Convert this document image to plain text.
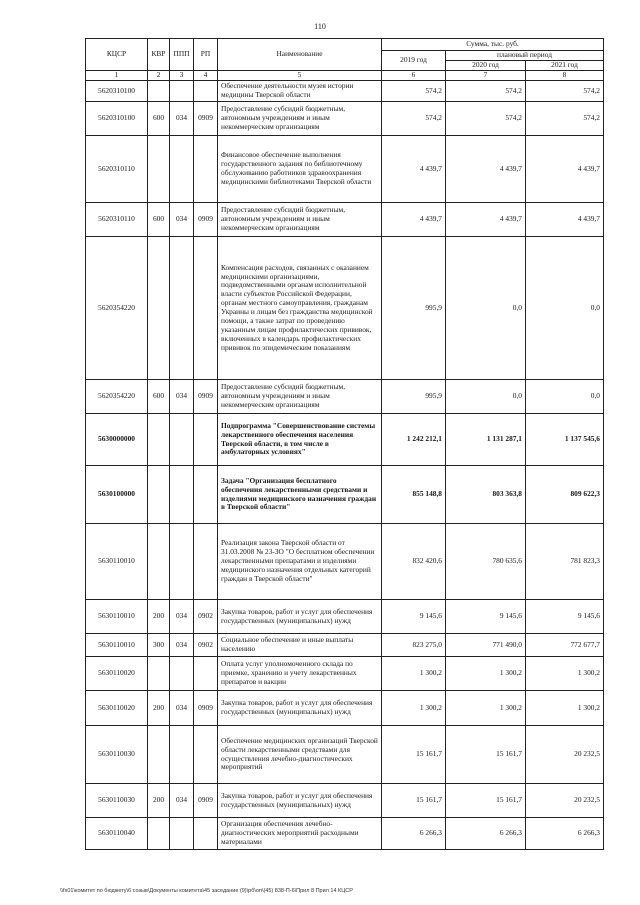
110
КЦСР	КВР	ППП	РП	Наименование	Сумма, тыс. руб.		
					2019 год	плановый период	
						2020 год	2021 год
1	2	3	4	5	6	7	8
5620310100				Обеспечение деятельности музея истории медицины Тверской области	574,2	574,2	574,2
5620310100	600	034	0909	Предоставление субсидий бюджетным, автономным учреждениям и иным некоммерческим организациям	574,2	574,2	574,2
5620310110				Финансовое обеспечение выполнения государственного задания по библиотечному обслуживанию работников здравоохранения медицинскими библиотеками Тверской области	4 439,7	4 439,7	4 439,7
5620310110	600	034	0909	Предоставление субсидий бюджетным, автономным учреждениям и иным некоммерческим организациям	4 439,7	4 439,7	4 439,7
5620354220				Компенсация расходов, связанных с оказанием медицинскими организациями, подведомственными органам исполнительной власти субъектов Российской Федерации, органам местного самоуправления, гражданам Украины и лицам без гражданства медицинской помощи, а также затрат по проведению указанным лицам профилактических прививок, включенных в календарь профилактических прививок по эпидемическим показаниям	995,9	0,0	0,0
5620354220	600	034	0909	Предоставление субсидий бюджетным, автономным учреждениям и иным некоммерческим организациям	995,9	0,0	0,0
5630000000				Подпрограмма "Совершенствование системы лекарственного обеспечения населения Тверской области, в том числе в амбулаторных условиях"	1 242 212,1	1 131 287,1	1 137 545,6
5630100000				Задача "Организация бесплатного обеспечения лекарственными средствами и изделиями медицинского назначения граждан в Тверской области"	855 148,8	803 363,8	809 622,3
5630110010				Реализация закона Тверской области от 31.03.2008 № 23-ЗО "О бесплатном обеспечении лекарственными препаратами и изделиями медицинского назначения отдельных категорий граждан в Тверской области"	832 420,6	780 635,6	781 823,3
5630110010	200	034	0902	Закупка товаров, работ и услуг для обеспечения государственных (муниципальных) нужд	9 145,6	9 145,6	9 145,6
5630110010	300	034	0902	Социальное обеспечение и иные выплаты населению	823 275,0	771 490,0	772 677,7
5630110020				Оплата услуг уполномоченного склада по приемке, хранению и учету лекарственных препаратов и вакцин	1 300,2	1 300,2	1 300,2
5630110020	200	034	0909	Закупка товаров, работ и услуг для обеспечения государственных (муниципальных) нужд	1 300,2	1 300,2	1 300,2
5630110030				Обеспечение медицинских организаций Тверской области лекарственными средствами для осуществления лечебно-диагностических мероприятий	15 161,7	15 161,7	20 232,5
5630110030	200	034	0909	Закупка товаров, работ и услуг для обеспечения государственных (муниципальных) нужд	15 161,7	15 161,7	20 232,5
5630110040				Организация обеспечения лечебно-диагностических мероприятий расходными материалами	6 266,3	6 266,3	6 266,3
\\fs01\комитет по бюджету\6 созыв\Документы комитета\45 заседание (9)\рб\оп\(45) 838-П-6\Прил 8 Прил 14 КЦСР
